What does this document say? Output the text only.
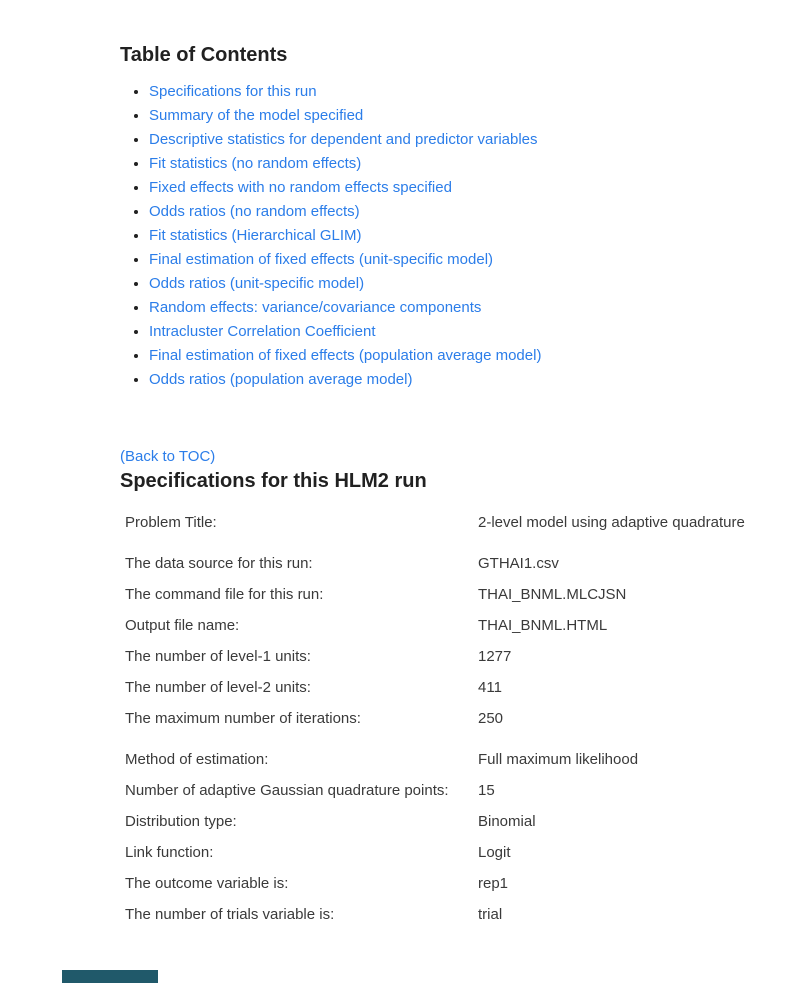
Table of Contents
• Specifications for this run
• Summary of the model specified
• Descriptive statistics for dependent and predictor variables
• Fit statistics (no random effects)
• Fixed effects with no random effects specified
• Odds ratios (no random effects)
• Fit statistics (Hierarchical GLIM)
• Final estimation of fixed effects (unit-specific model)
• Odds ratios (unit-specific model)
• Random effects: variance/covariance components
• Intracluster Correlation Coefficient
• Final estimation of fixed effects (population average model)
• Odds ratios (population average model)
(Back to TOC)
Specifications for this HLM2 run
Problem Title:	2-level model using adaptive quadrature
The data source for this run:	GTHAI1.csv
The command file for this run:	THAI_BNML.MLCJSN
Output file name:	THAI_BNML.HTML
The number of level-1 units:	1277
The number of level-2 units:	411
The maximum number of iterations:	250
Method of estimation:	Full maximum likelihood
Number of adaptive Gaussian quadrature points:	15
Distribution type:	Binomial
Link function:	Logit
The outcome variable is:	rep1
The number of trials variable is:	trial
